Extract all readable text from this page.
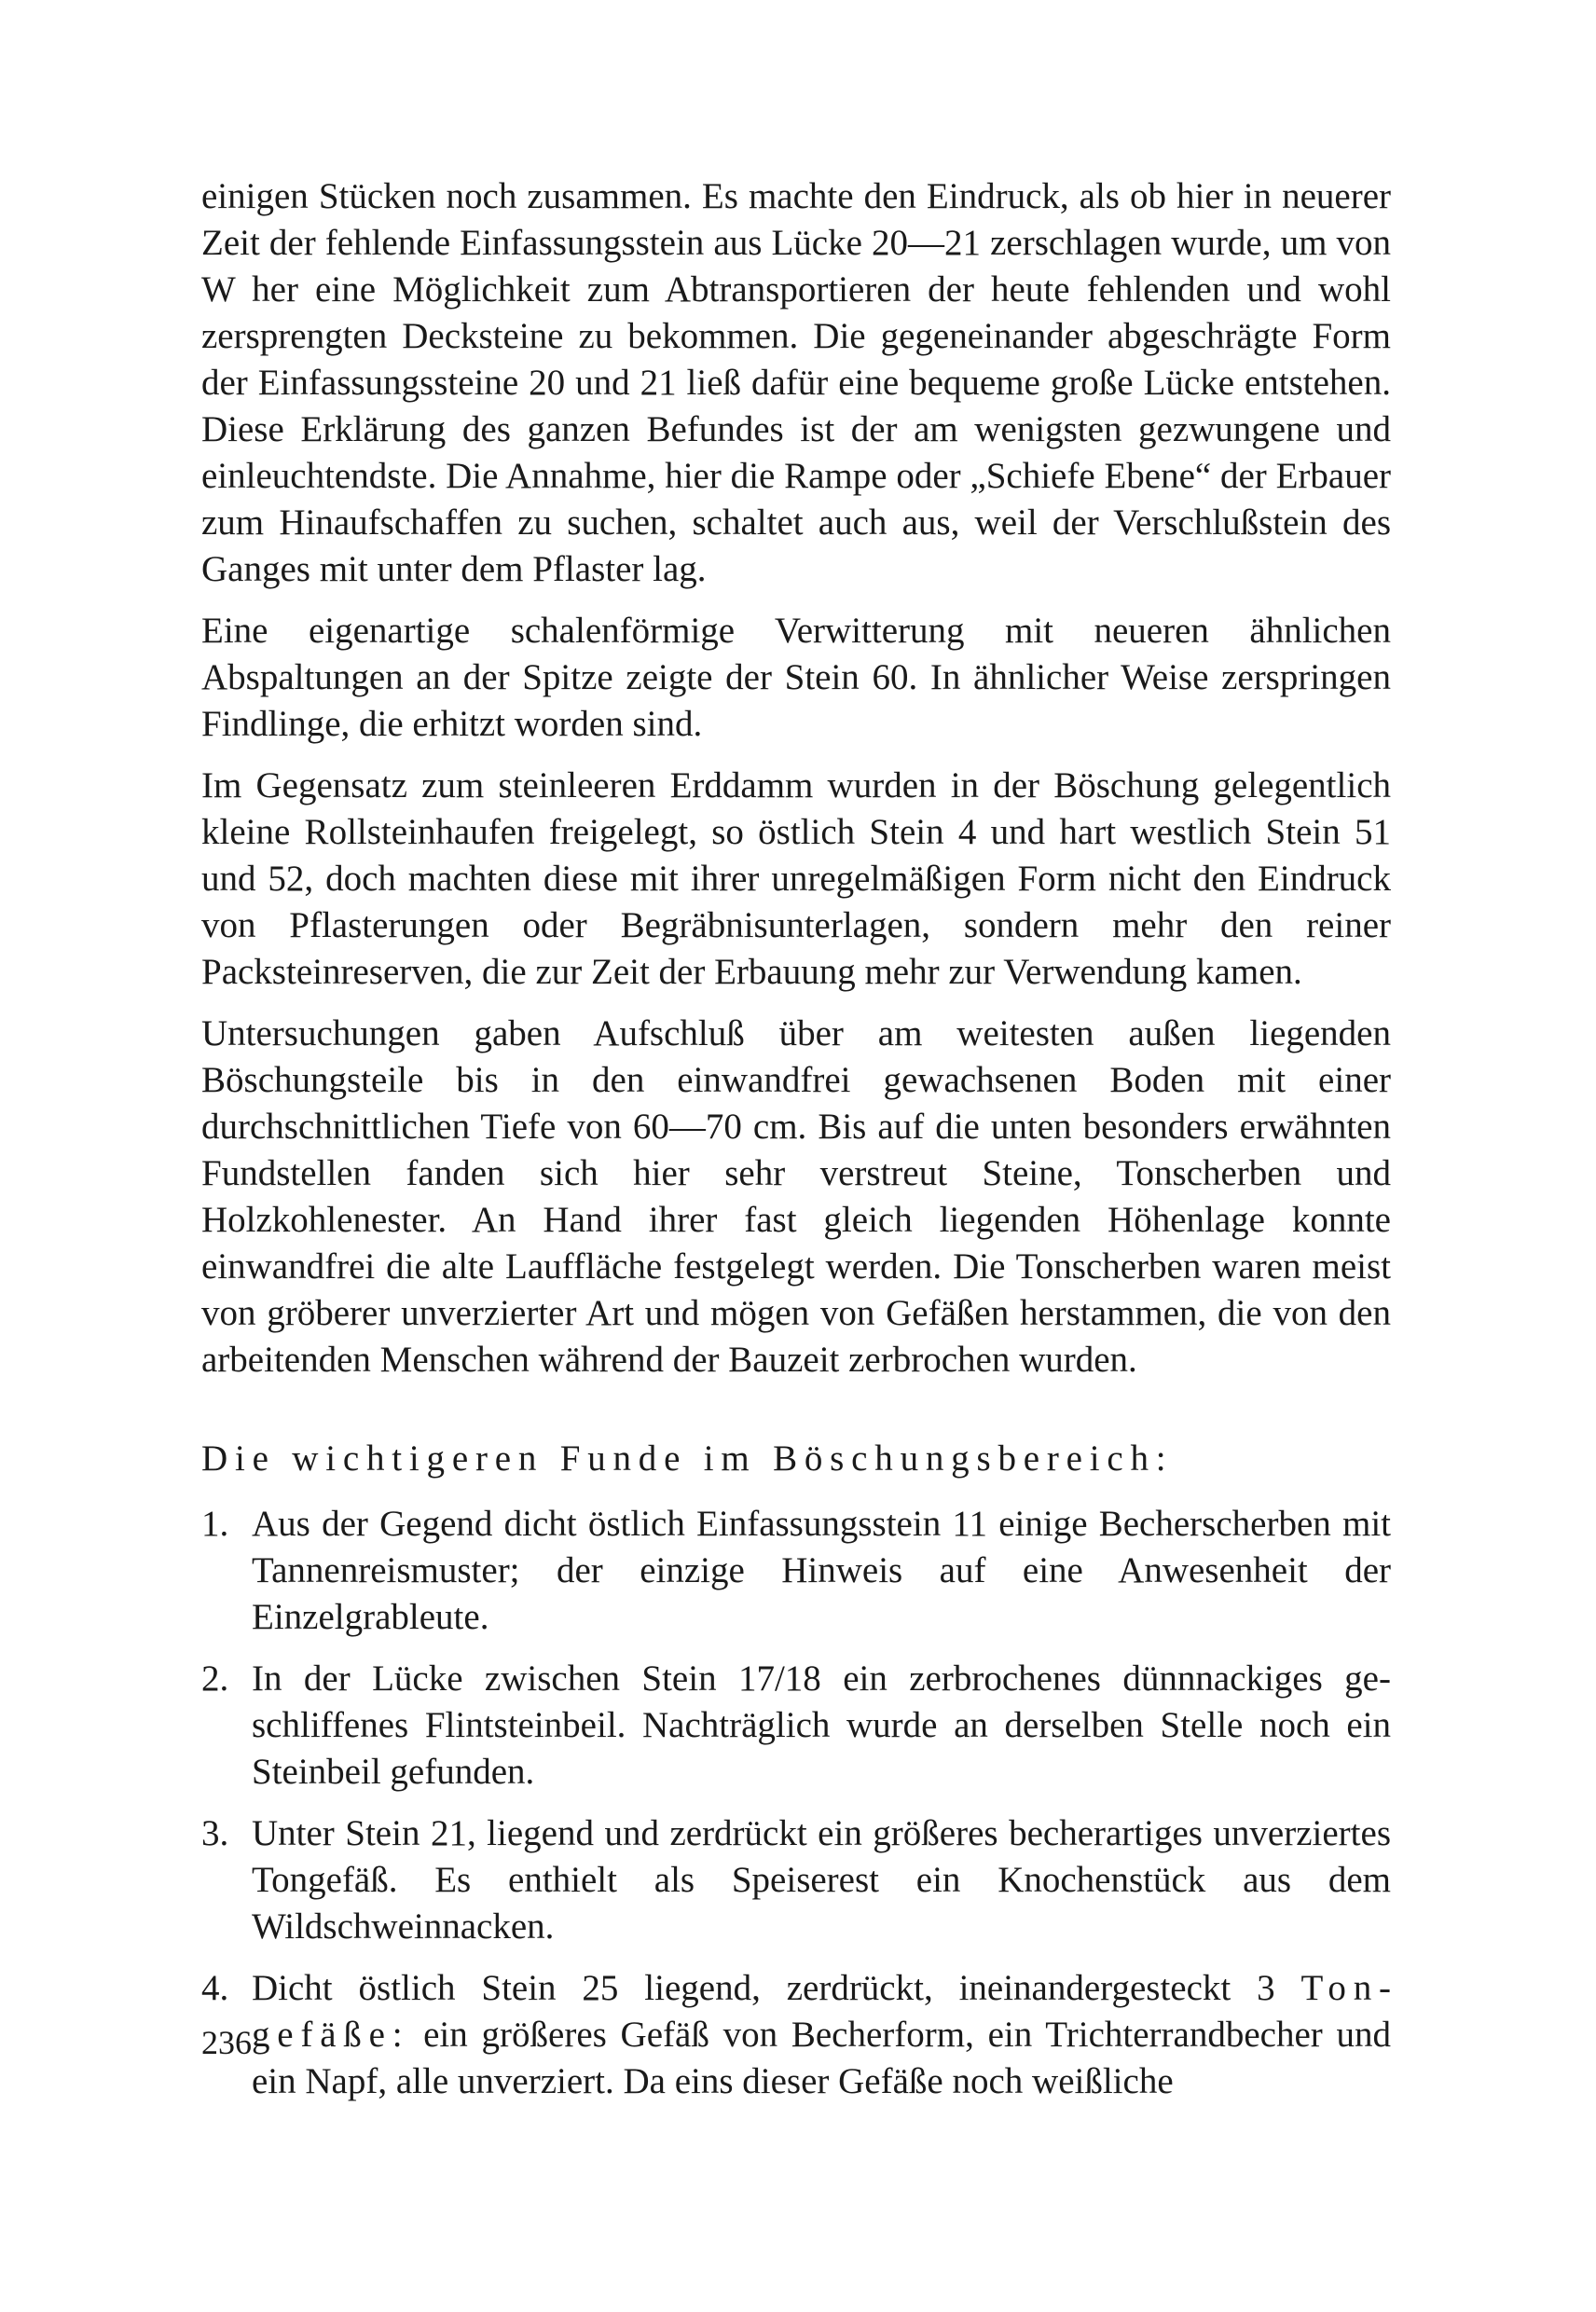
einigen Stücken noch zusammen. Es machte den Eindruck, als ob hier in neuerer Zeit der fehlende Einfassungsstein aus Lücke 20—21 zerschlagen wurde, um von W her eine Möglichkeit zum Abtransportieren der heute fehlenden und wohl zersprengten Decksteine zu bekommen. Die gegeneinander abgeschrägte Form der Einfassungssteine 20 und 21 ließ dafür eine bequeme große Lücke entstehen. Diese Erklärung des ganzen Befundes ist der am wenigsten gezwungene und einleuchtendste. Die Annahme, hier die Rampe oder „Schiefe Ebene“ der Erbauer zum Hinaufschaffen zu suchen, schaltet auch aus, weil der Verschlußstein des Ganges mit unter dem Pflaster lag.

Eine eigenartige schalenförmige Verwitterung mit neueren ähnlichen Abspaltungen an der Spitze zeigte der Stein 60. In ähnlicher Weise zerspringen Findlinge, die erhitzt worden sind.

Im Gegensatz zum steinleeren Erddamm wurden in der Böschung gelegentlich kleine Rollsteinhaufen freigelegt, so östlich Stein 4 und hart westlich Stein 51 und 52, doch machten diese mit ihrer unregelmäßigen Form nicht den Eindruck von Pflasterungen oder Begräbnisunterlagen, sondern mehr den reiner Packsteinreserven, die zur Zeit der Erbauung mehr zur Verwendung kamen.

Untersuchungen gaben Aufschluß über am weitesten außen liegenden Böschungsteile bis in den einwandfrei gewachsenen Boden mit einer durchschnittlichen Tiefe von 60—70 cm. Bis auf die unten besonders erwähnten Fundstellen fanden sich hier sehr verstreut Steine, Tonscherben und Holzkohlenester. An Hand ihrer fast gleich liegenden Höhenlage konnte einwandfrei die alte Lauffläche festgelegt werden. Die Tonscherben waren meist von gröberer unverzierter Art und mögen von Gefäßen herstammen, die von den arbeitenden Menschen während der Bauzeit zerbrochen wurden.

Die wichtigeren Funde im Böschungsbereich:
1. Aus der Gegend dicht östlich Einfassungsstein 11 einige Becherscherben mit Tannenreismuster; der einzige Hinweis auf eine Anwesenheit der Einzelgrableute.
2. In der Lücke zwischen Stein 17/18 ein zerbrochenes dünnnackiges geschliffenes Flintsteinbeil. Nachträglich wurde an derselben Stelle noch ein Steinbeil gefunden.
3. Unter Stein 21, liegend und zerdrückt ein größeres becherartiges unverziertes Tongefäß. Es enthielt als Speiserest ein Knochenstück aus dem Wildschweinnacken.
4. Dicht östlich Stein 25 liegend, zerdrückt, ineinandergesteckt 3 Tongefäße: ein größeres Gefäß von Becherform, ein Trichterrandbecher und ein Napf, alle unverziert. Da eins dieser Gefäße noch weißliche
236
